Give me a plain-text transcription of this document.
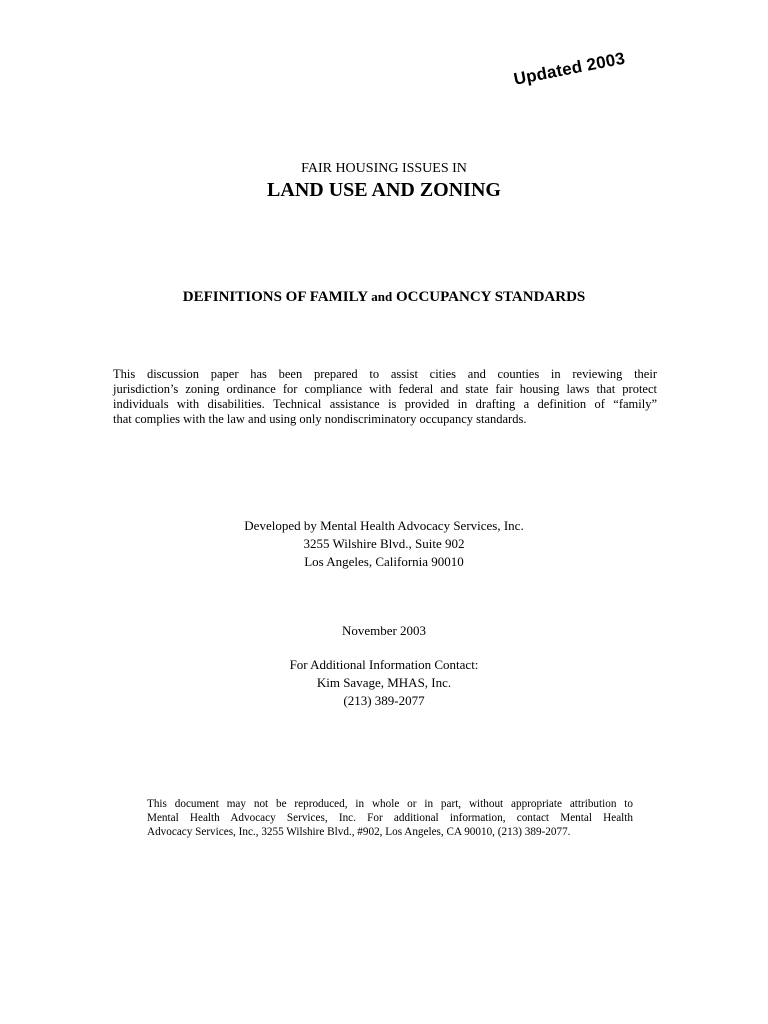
Updated 2003
FAIR HOUSING ISSUES IN
LAND USE AND ZONING
DEFINITIONS OF FAMILY and OCCUPANCY STANDARDS
This discussion paper has been prepared to assist cities and counties in reviewing their
jurisdiction’s zoning ordinance for compliance with federal and state fair housing laws that protect
individuals with disabilities. Technical assistance is provided in drafting a definition of “family”
that complies with the law and using only nondiscriminatory occupancy standards.
Developed by Mental Health Advocacy Services, Inc.
3255 Wilshire Blvd., Suite 902
Los Angeles, California 90010
November 2003
For Additional Information Contact:
Kim Savage, MHAS, Inc.
(213) 389-2077
This document may not be reproduced, in whole or in part, without appropriate attribution to
Mental Health Advocacy Services, Inc. For additional information, contact Mental Health
Advocacy Services, Inc., 3255 Wilshire Blvd., #902, Los Angeles, CA 90010, (213) 389-2077.
